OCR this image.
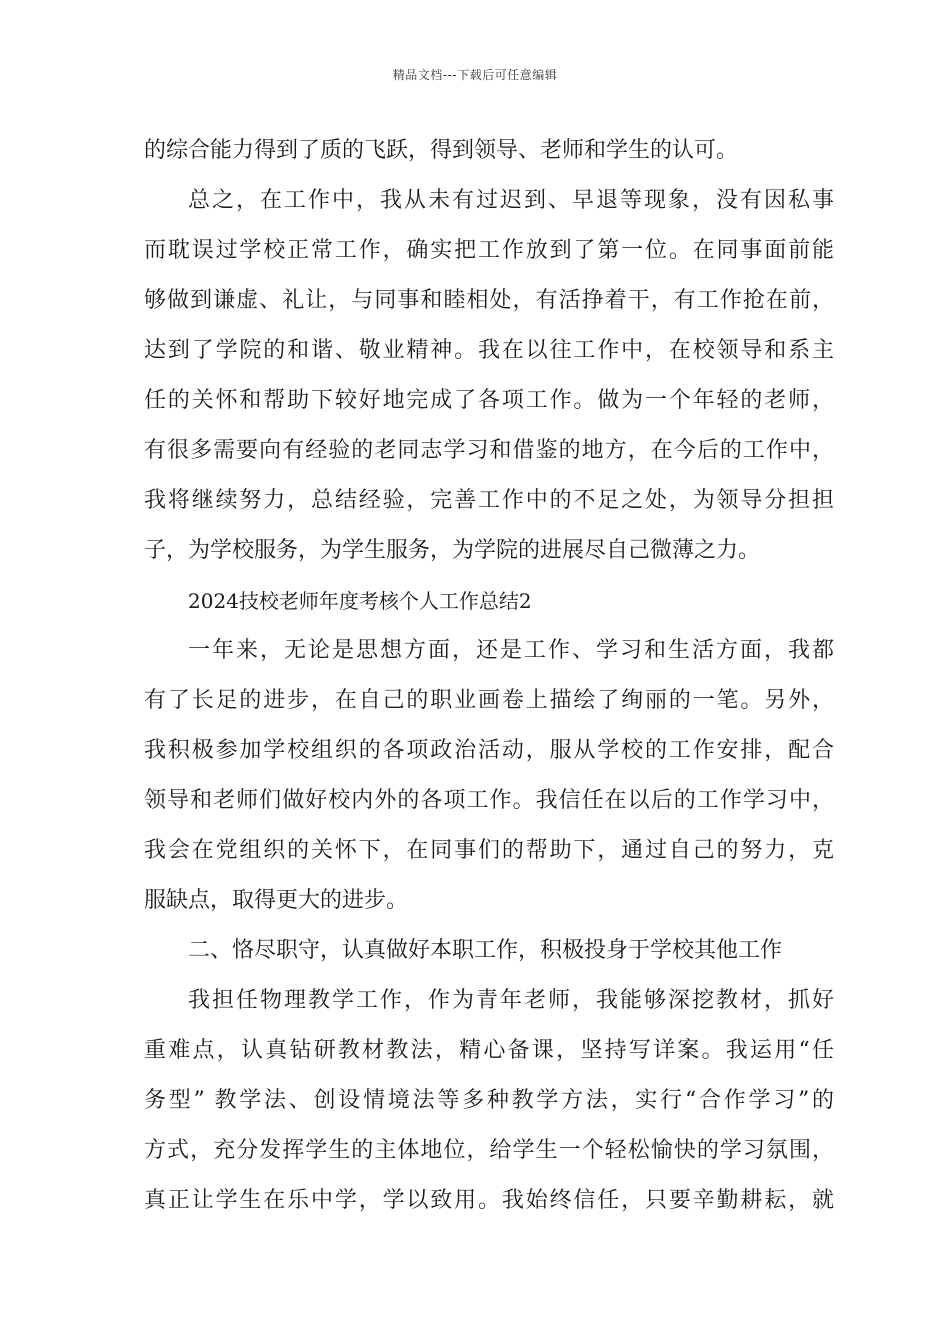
精品文档---下载后可任意编辑
的综合能力得到了质的飞跃，得到领导、老师和学生的认可。
总之，在工作中，我从未有过迟到、早退等现象，没有因私事
而耽误过学校正常工作，确实把工作放到了第一位。在同事面前能
够做到谦虚、礼让，与同事和睦相处，有活挣着干，有工作抢在前，
达到了学院的和谐、敬业精神。我在以往工作中，在校领导和系主
任的关怀和帮助下较好地完成了各项工作。做为一个年轻的老师，
有很多需要向有经验的老同志学习和借鉴的地方，在今后的工作中，
我将继续努力，总结经验，完善工作中的不足之处，为领导分担担
子，为学校服务，为学生服务，为学院的进展尽自己微薄之力。
2024技校老师年度考核个人工作总结2
一年来，无论是思想方面，还是工作、学习和生活方面，我都
有了长足的进步，在自己的职业画卷上描绘了绚丽的一笔。另外，
我积极参加学校组织的各项政治活动，服从学校的工作安排，配合
领导和老师们做好校内外的各项工作。我信任在以后的工作学习中，
我会在党组织的关怀下，在同事们的帮助下，通过自己的努力，克
服缺点，取得更大的进步。
二、恪尽职守，认真做好本职工作，积极投身于学校其他工作
我担任物理教学工作，作为青年老师，我能够深挖教材，抓好
重难点，认真钻研教材教法，精心备课，坚持写详案。我运用“任
务型” 教学法、创设情境法等多种教学方法，实行“合作学习”的
方式，充分发挥学生的主体地位，给学生一个轻松愉快的学习氛围，
真正让学生在乐中学，学以致用。我始终信任，只要辛勤耕耘，就
